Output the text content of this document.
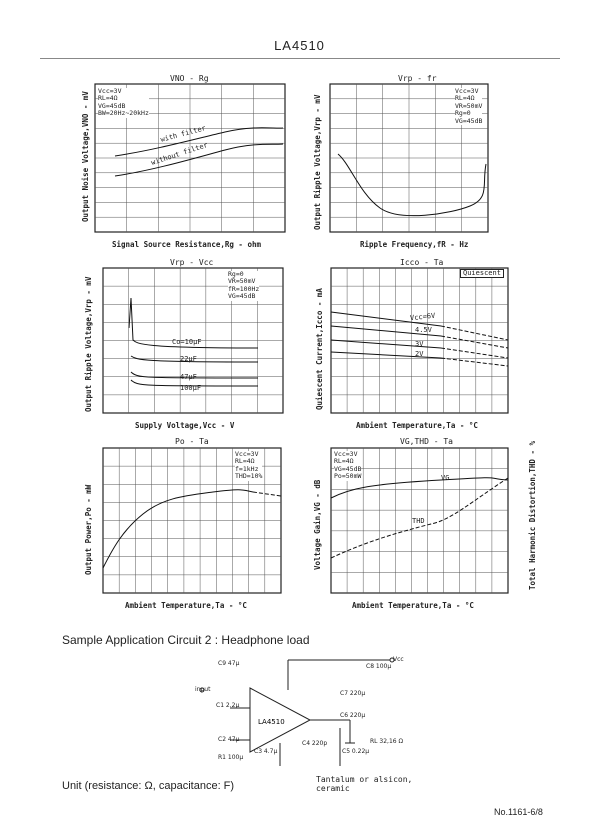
LA4510
VNO - Rg
Vcc=3V
RL=4Ω
VG=45dB
BW=20Hz~20kHz
with filter
without filter
Signal Source Resistance,Rg - ohm
Output Noise Voltage,VNO - mV
Vrp - fr
Vcc=3V
RL=4Ω
VR=50mV
Rg=0
VG=45dB
Ripple Frequency,fR - Hz
Output Ripple Voltage,Vrp - mV
Vrp - Vcc
Rg=0
VR=50mV
fR=100Hz
VG=45dB
Co=10μF
22μF
47μF
100μF
Supply Voltage,Vcc - V
Output Ripple Voltage,Vrp - mV
Icco - Ta
Quiescent
Vcc=6V
4.5V
3V
2V
Ambient Temperature,Ta - °C
Quiescent Current,Icco - mA
Po - Ta
Vcc=3V
RL=4Ω
f=1kHz
THD=10%
Ambient Temperature,Ta - °C
Output Power,Po - mW
VG,THD - Ta
Vcc=3V
RL=4Ω
VG=45dB
Po=50mW	VG
THD
Ambient Temperature,Ta - °C
Voltage Gain,VG - dB	Total Harmonic Distortion,THD - %
Sample Application Circuit 2 : Headphone load
LA4510
input
C9 47μ	C8 100μ
C7 220μ
C6 220μ
C5 0.22μ
C4 220p
C3 4.7μ
C2 47μ
C1 2.2μ
R1 100μ
RL 32,16 Ω
Vcc
Unit (resistance: Ω, capacitance: F)
Tantalum or alsicon,
ceramic
No.1161-6/8
